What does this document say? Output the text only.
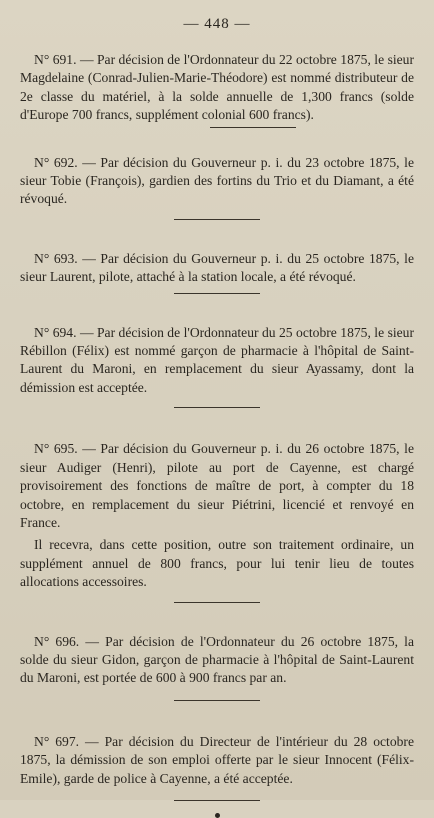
— 448 —

N° 691. — Par décision de l'Ordonnateur du 22 octobre 1875, le sieur Magdelaine (Conrad-Julien-Marie-Théodore) est nommé distributeur de 2e classe du matériel, à la solde annuelle de 1,300 francs (solde d'Europe 700 francs, supplément colonial 600 francs).

N° 692. — Par décision du Gouverneur p. i. du 23 octobre 1875, le sieur Tobie (François), gardien des fortins du Trio et du Diamant, a été révoqué.

N° 693. — Par décision du Gouverneur p. i. du 25 octobre 1875, le sieur Laurent, pilote, attaché à la station locale, a été révoqué.

N° 694. — Par décision de l'Ordonnateur du 25 octobre 1875, le sieur Rébillon (Félix) est nommé garçon de pharmacie à l'hôpital de Saint-Laurent du Maroni, en remplacement du sieur Ayassamy, dont la démission est acceptée.

N° 695. — Par décision du Gouverneur p. i. du 26 octobre 1875, le sieur Audiger (Henri), pilote au port de Cayenne, est chargé provisoirement des fonctions de maître de port, à compter du 18 octobre, en remplacement du sieur Piétrini, licencié et renvoyé en France.

Il recevra, dans cette position, outre son traitement ordinaire, un supplément annuel de 800 francs, pour lui tenir lieu de toutes allocations accessoires.

N° 696. — Par décision de l'Ordonnateur du 26 octobre 1875, la solde du sieur Gidon, garçon de pharmacie à l'hôpital de Saint-Laurent du Maroni, est portée de 600 à 900 francs par an.

N° 697. — Par décision du Directeur de l'intérieur du 28 octobre 1875, la démission de son emploi offerte par le sieur Innocent (Félix-Emile), garde de police à Cayenne, a été acceptée.
